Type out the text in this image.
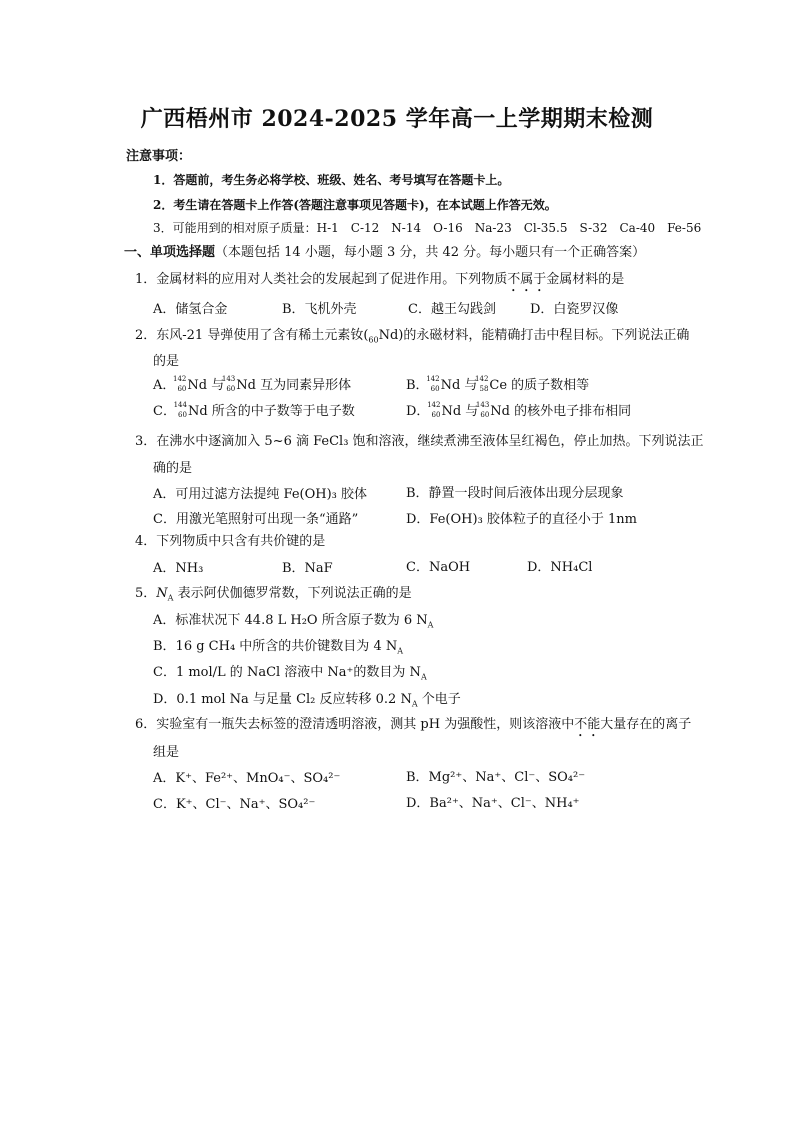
广西梧州市 2024-2025 学年高一上学期期末检测
注意事项：
1．答题前，考生务必将学校、班级、姓名、考号填写在答题卡上。
2．考生请在答题卡上作答(答题注意事项见答题卡)，在本试题上作答无效。
3．可能用到的相对原子质量：H-1　C-12　N-14　O-16　Na-23　Cl-35.5　S-32　Ca-40　Fe-56
一、单项选择题（本题包括 14 小题，每小题 3 分，共 42 分。每小题只有一个正确答案）
1．金属材料的应用对人类社会的发展起到了促进作用。下列物质不属于金属材料的是
A．储氢合金	B．飞机外壳	C．越王勾践剑	D．白瓷罗汉像
2．东风-21 导弹使用了含有稀土元素钕$(_{60}Nd)$的永磁材料，能精确打击中程目标。下列说法正确
的是
A．
142
60 Nd 与
143
60 Nd 互为同素异形体	B．
142
60 Nd 与
142
58 Ce 的质子数相等
C．
144
60 Nd 所含的中子数等于电子数	D．
142
60 Nd 与
143
60 Nd 的核外电子排布相同
3．在沸水中逐滴加入 5~6 滴 FeCl₃ 饱和溶液，继续煮沸至液体呈红褐色，停止加热。下列说法正
确的是
A．可用过滤方法提纯 Fe(OH)₃ 胶体	B．静置一段时间后液体出现分层现象
C．用激光笔照射可出现一条“通路”	D．Fe(OH)₃ 胶体粒子的直径小于 1nm
4．下列物质中只含有共价键的是
A．NH₃	B．NaF	C．NaOH	D．NH₄Cl
5．$N_A$ 表示阿伏伽德罗常数，下列说法正确的是
A．标准状况下 44.8 L H₂O 所含原子数为 6 $N_A$
B．16 g CH₄ 中所含的共价键数目为 4 $N_A$
C．1 mol/L 的 NaCl 溶液中 Na⁺的数目为 $N_A$
D．0.1 mol Na 与足量 Cl₂ 反应转移 0.2 $N_A$ 个电子
6．实验室有一瓶失去标签的澄清透明溶液，测其 pH 为强酸性，则该溶液中不能大量存在的离子
组是
A．K⁺、Fe²⁺、MnO₄⁻、SO₄²⁻	B．Mg²⁺、Na⁺、Cl⁻、SO₄²⁻
C．K⁺、Cl⁻、Na⁺、SO₄²⁻	D．Ba²⁺、Na⁺、Cl⁻、NH₄⁺
